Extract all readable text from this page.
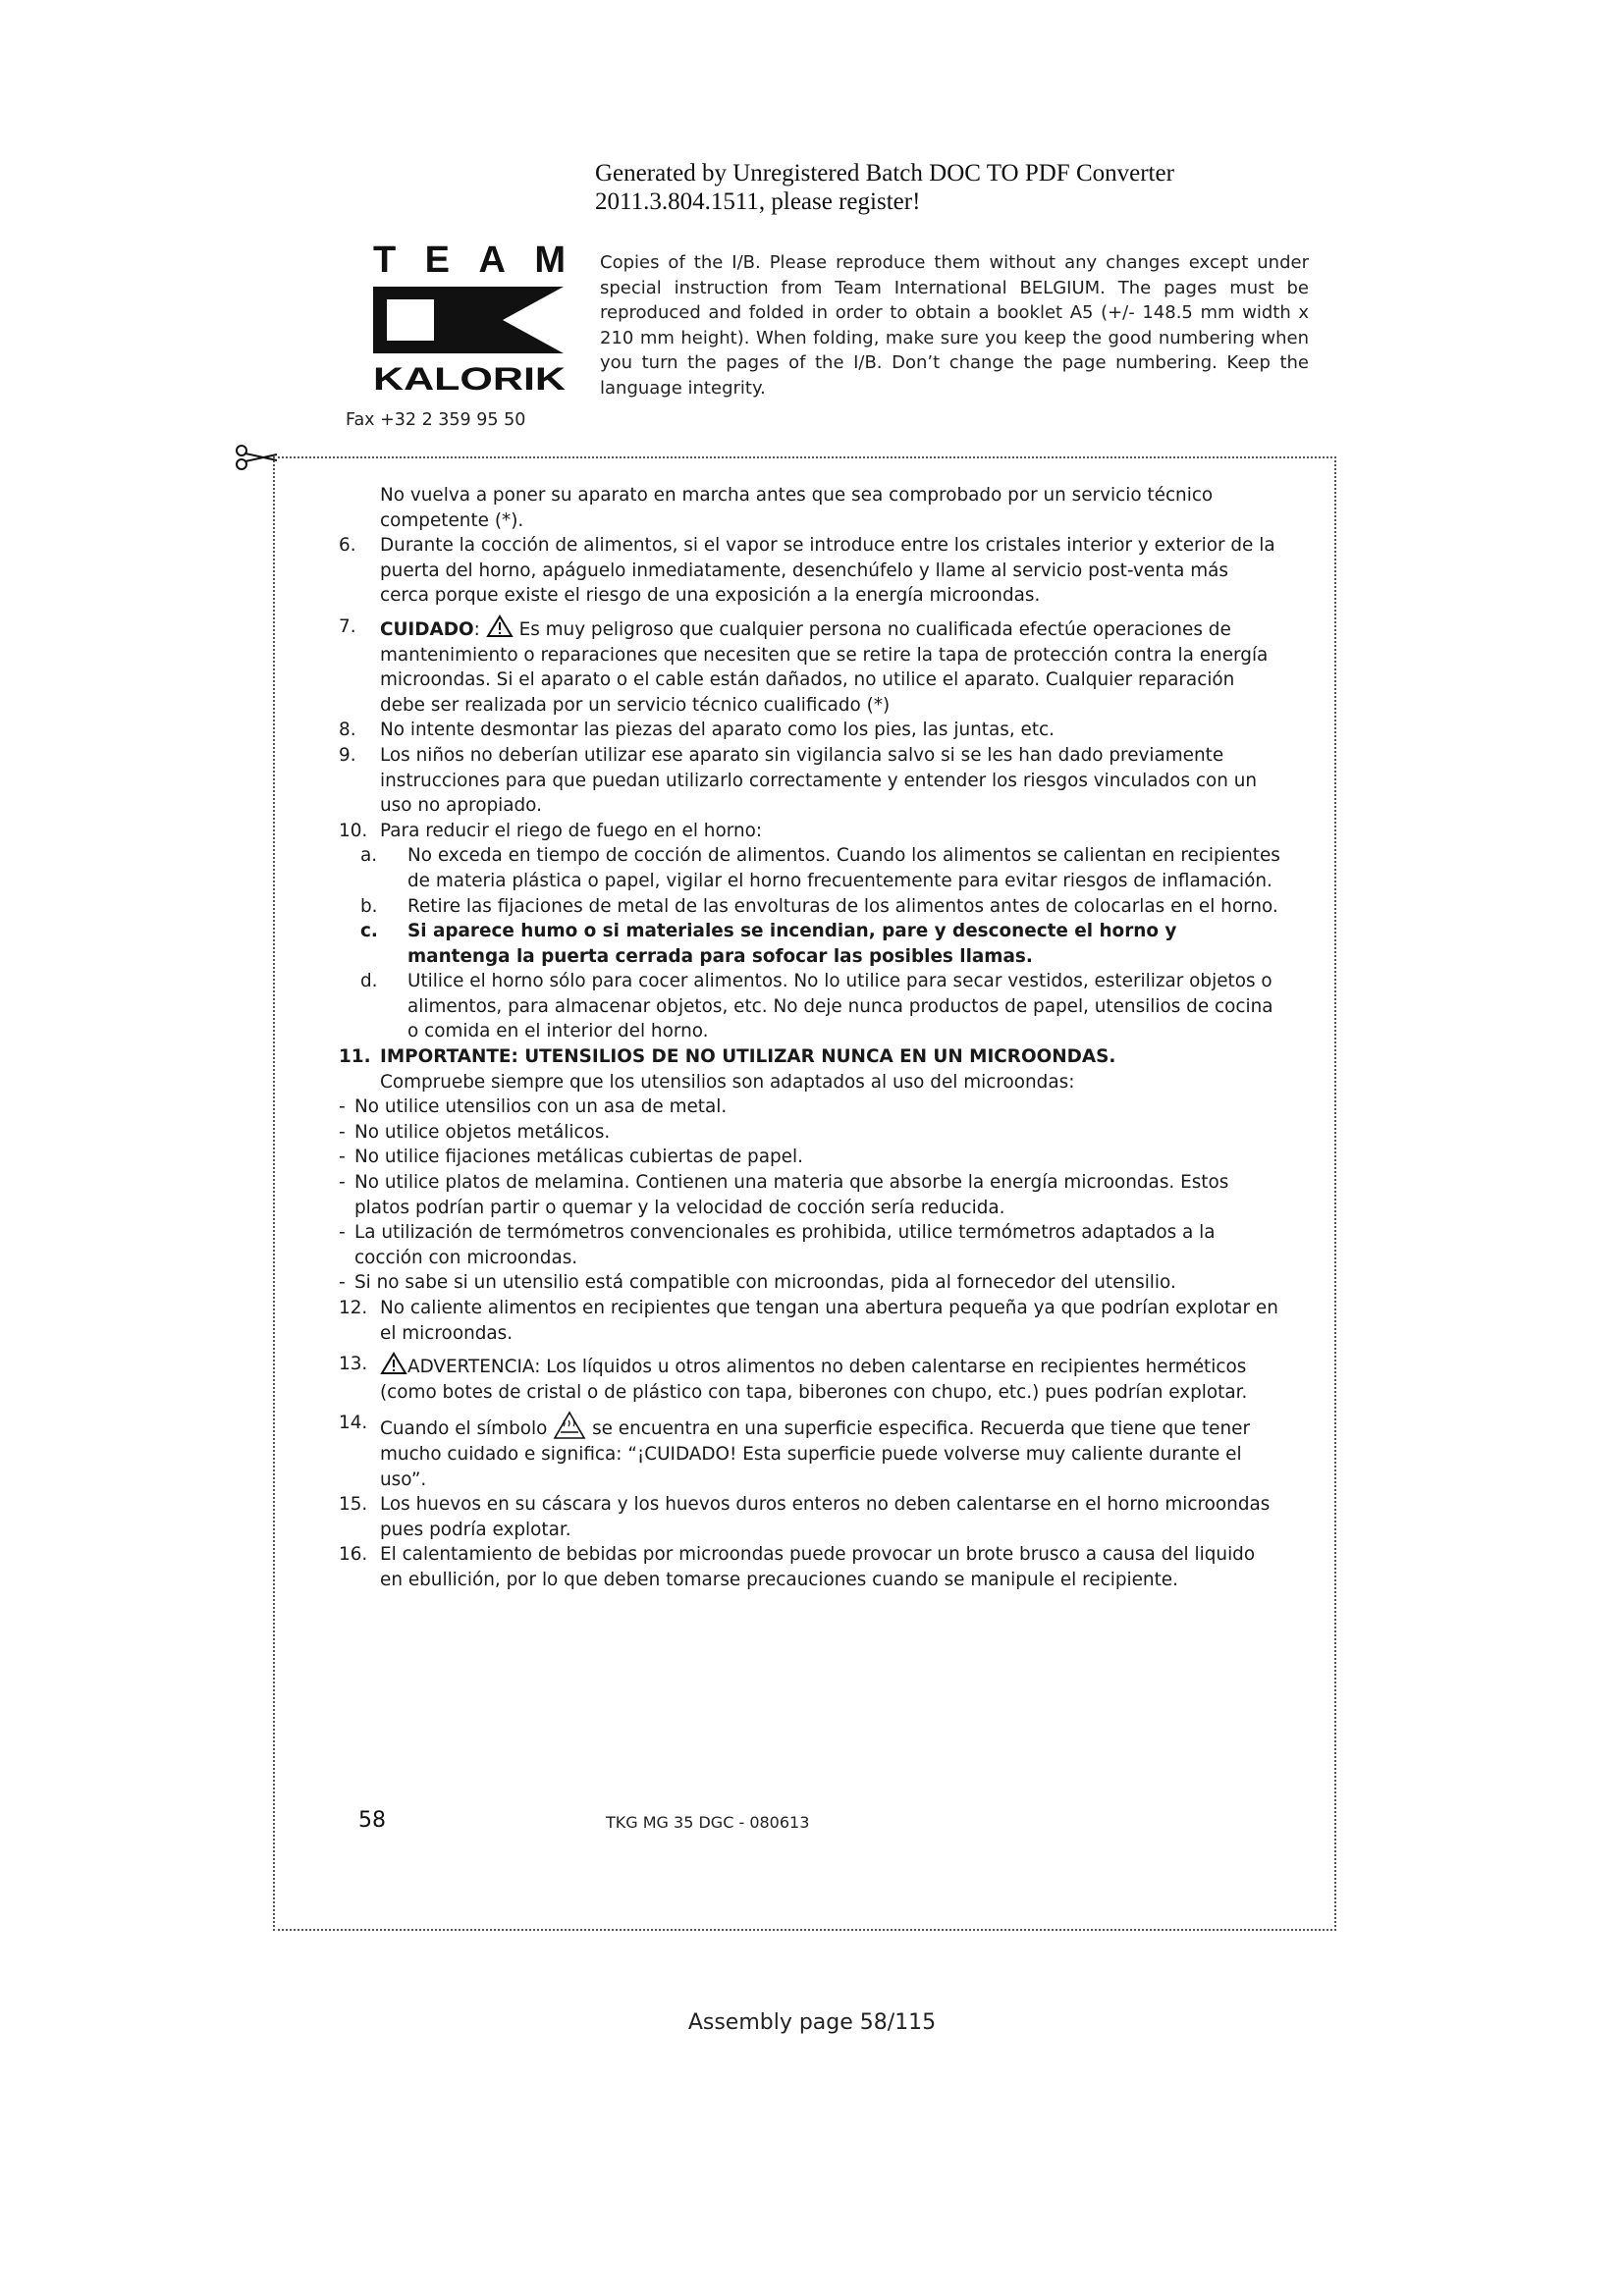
Generated by Unregistered Batch DOC TO PDF Converter
2011.3.804.1511, please register!
TEAM
KALORIK
Fax +32 2 359 95 50
Copies of the I/B. Please reproduce them without any changes except under special instruction from Team International BELGIUM. The pages must be reproduced and folded in order to obtain a booklet A5 (+/- 148.5 mm width x 210 mm height). When folding, make sure you keep the good numbering when you turn the pages of the I/B. Don’t change the page numbering. Keep the language integrity.
No vuelva a poner su aparato en marcha antes que sea comprobado por un servicio técnico competente (*).
6. Durante la cocción de alimentos, si el vapor se introduce entre los cristales interior y exterior de la puerta del horno, apáguelo inmediatamente, desenchúfelo y llame al servicio post-venta más cerca porque existe el riesgo de una exposición a la energía microondas.
7. CUIDADO:  Es muy peligroso que cualquier persona no cualificada efectúe operaciones de mantenimiento o reparaciones que necesiten que se retire la tapa de protección contra la energía microondas. Si el aparato o el cable están dañados, no utilice el aparato. Cualquier reparación debe ser realizada por un servicio técnico cualificado (*)
8. No intente desmontar las piezas del aparato como los pies, las juntas, etc.
9. Los niños no deberían utilizar ese aparato sin vigilancia salvo si se les han dado previamente instrucciones para que puedan utilizarlo correctamente y entender los riesgos vinculados con un uso no apropiado.
10. Para reducir el riego de fuego en el horno:
a. No exceda en tiempo de cocción de alimentos. Cuando los alimentos se calientan en recipientes de materia plástica o papel, vigilar el horno frecuentemente para evitar riesgos de inflamación.
b. Retire las fijaciones de metal de las envolturas de los alimentos antes de colocarlas en el horno.
c. Si aparece humo o si materiales se incendian, pare y desconecte el horno y mantenga la puerta cerrada para sofocar las posibles llamas.
d. Utilice el horno sólo para cocer alimentos. No lo utilice para secar vestidos, esterilizar objetos o alimentos, para almacenar objetos, etc. No deje nunca productos de papel, utensilios de cocina o comida en el interior del horno.
11. IMPORTANTE: UTENSILIOS DE NO UTILIZAR NUNCA EN UN MICROONDAS.
Compruebe siempre que los utensilios son adaptados al uso del microondas:
- No utilice utensilios con un asa de metal.
- No utilice objetos metálicos.
- No utilice fijaciones metálicas cubiertas de papel.
- No utilice platos de melamina. Contienen una materia que absorbe la energía microondas. Estos platos podrían partir o quemar y la velocidad de cocción sería reducida.
- La utilización de termómetros convencionales es prohibida, utilice termómetros adaptados a la cocción con microondas.
- Si no sabe si un utensilio está compatible con microondas, pida al fornecedor del utensilio.
12. No caliente alimentos en recipientes que tengan una abertura pequeña ya que podrían explotar en el microondas.
13.	ADVERTENCIA: Los líquidos u otros alimentos no deben calentarse en recipientes herméticos (como botes de cristal o de plástico con tapa, biberones con chupo, etc.) pues podrían explotar.
14. Cuando el símbolo  se encuentra en una superficie especifica. Recuerda que tiene que tener mucho cuidado e significa: “¡CUIDADO! Esta superficie puede volverse muy caliente durante el uso”.
15. Los huevos en su cáscara y los huevos duros enteros no deben calentarse en el horno microondas pues podría explotar.
16. El calentamiento de bebidas por microondas puede provocar un brote brusco a causa del liquido en ebullición, por lo que deben tomarse precauciones cuando se manipule el recipiente.
58	TKG MG 35 DGC - 080613
Assembly page 58/115
